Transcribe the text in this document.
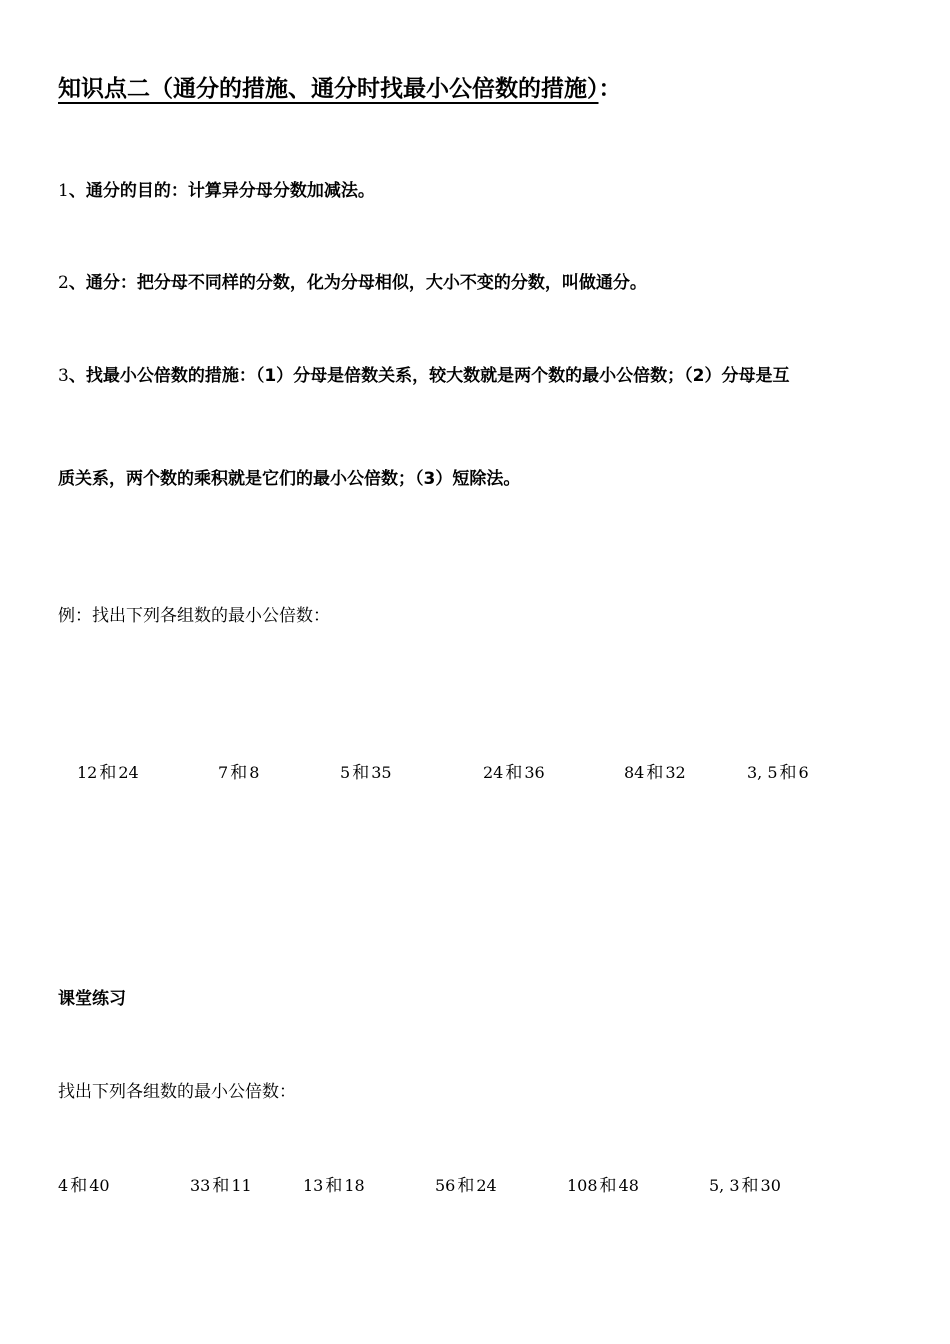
知识点二（通分的措施、通分时找最小公倍数的措施）：
1、通分的目的：计算异分母分数加减法。
2、通分：把分母不同样的分数，化为分母相似，大小不变的分数，叫做通分。
3、找最小公倍数的措施：（1）分母是倍数关系，较大数就是两个数的最小公倍数；（2）分母是互
质关系，两个数的乘积就是它们的最小公倍数；（3）短除法。
例：找出下列各组数的最小公倍数：
12 和 24	7 和 8	5 和 35	24 和 36	84 和 32	3, 5 和 6
课堂练习
找出下列各组数的最小公倍数：
4 和 40	33 和 11	13 和 18	56 和 24	108 和 48	5, 3 和 30
